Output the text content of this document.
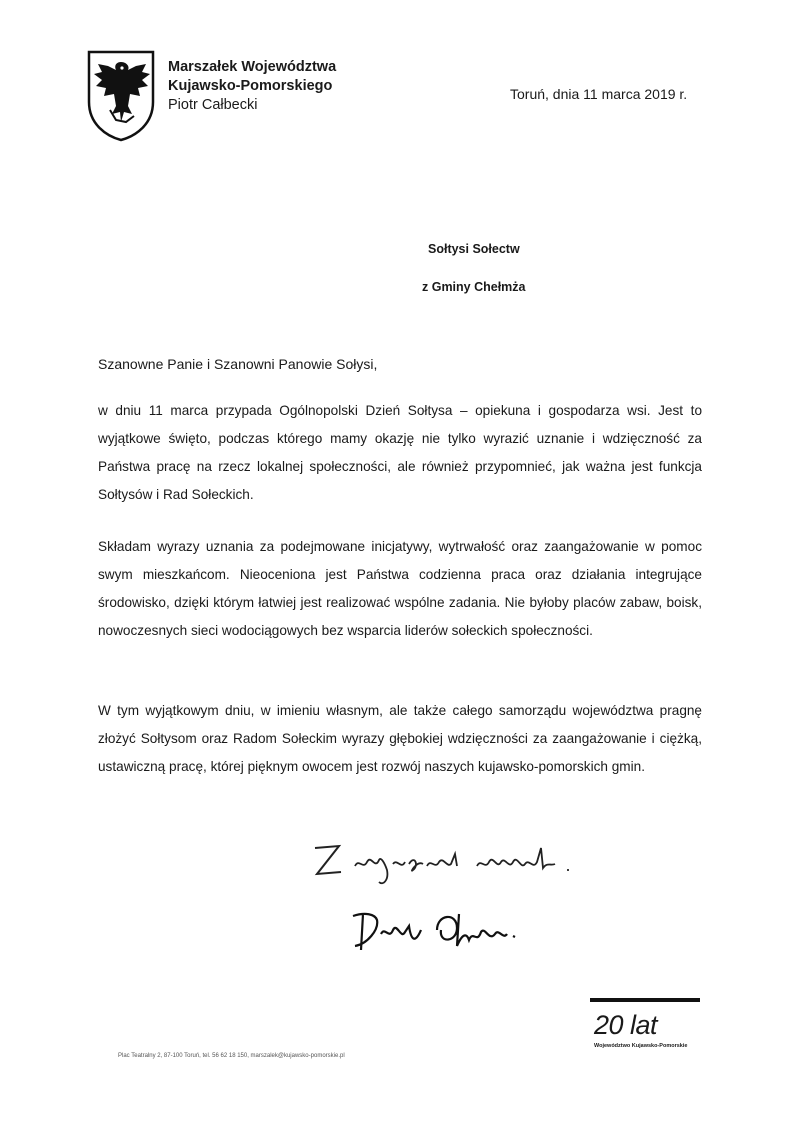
Marszałek Województwa
Kujawsko-Pomorskiego
Piotr Całbecki
Toruń, dnia 11 marca 2019 r.
Sołtysi Sołectw
z Gminy Chełmża
Szanowne Panie i Szanowni Panowie Sołysi,
w dniu 11 marca przypada Ogólnopolski Dzień Sołtysa – opiekuna i gospodarza wsi. Jest to wyjątkowe święto, podczas którego mamy okazję nie tylko wyrazić uznanie i wdzięczność za Państwa pracę na rzecz lokalnej społeczności, ale również przypomnieć, jak ważna jest funkcja Sołtysów i Rad Sołeckich.
Składam wyrazy uznania za podejmowane inicjatywy, wytrwałość oraz zaangażowanie w pomoc swym mieszkańcom. Nieoceniona jest Państwa codzienna praca oraz działania integrujące środowisko, dzięki którym łatwiej jest realizować wspólne zadania. Nie byłoby placów zabaw, boisk, nowoczesnych sieci wodociągowych bez wsparcia liderów sołeckich społeczności.
W tym wyjątkowym dniu, w imieniu własnym, ale także całego samorządu województwa pragnę złożyć Sołtysom oraz Radom Sołeckim wyrazy głębokiej wdzięczności za zaangażowanie i ciężką, ustawiczną pracę, której pięknym owocem jest rozwój naszych kujawsko-pomorskich gmin.
20 lat
Województwo Kujawsko-Pomorskie
Plac Teatralny 2, 87-100 Toruń, tel. 56 62 18 150, marszalek@kujawsko-pomorskie.pl
